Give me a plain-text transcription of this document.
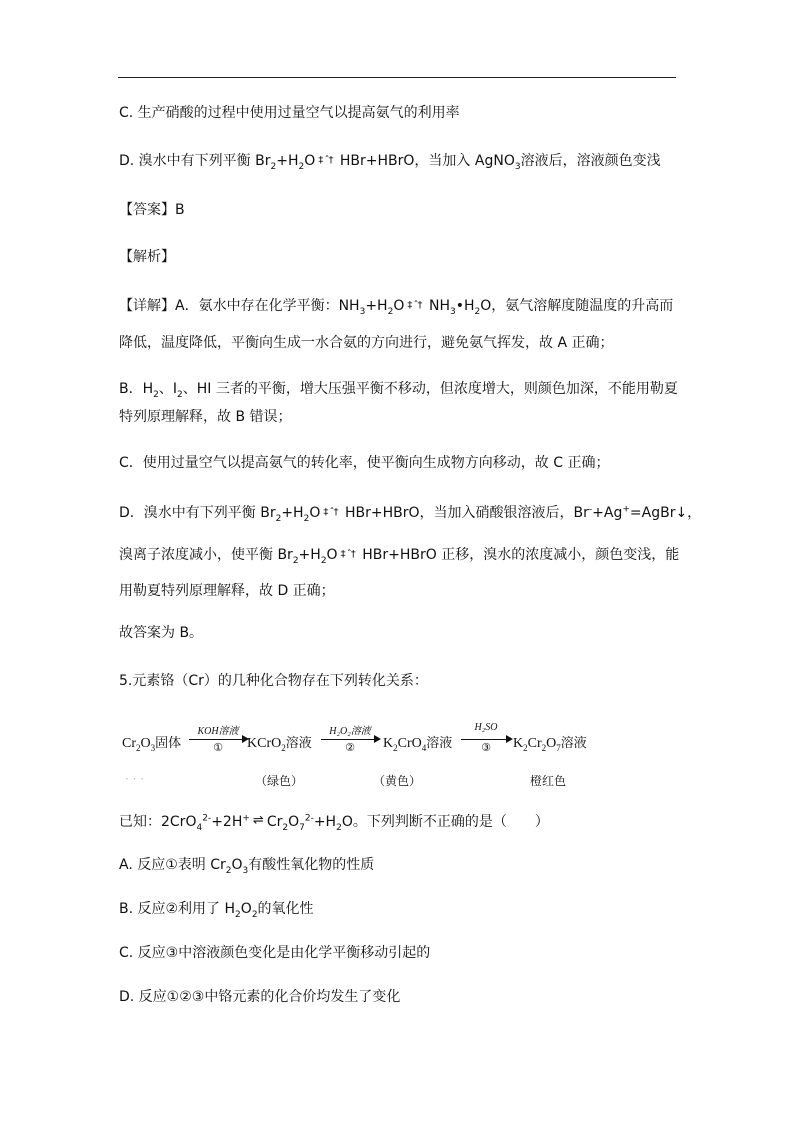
C. 生产硝酸的过程中使用过量空气以提高氨气的利用率
D. 溴水中有下列平衡 $Br_2+H_2O$ ‡ ˆ† HBr+HBrO，当加入 AgNO$_3$溶液后，溶液颜色变浅
【答案】B
【解析】
【详解】A．氨水中存在化学平衡：$NH_3+H_2O$ ‡ ˆ† $NH_3•H_2O$，氨气溶解度随温度的升高而
降低，温度降低，平衡向生成一水合氨的方向进行，避免氨气挥发，故 A 正确；
B．$H_2$、$I_2$、HI 三者的平衡，增大压强平衡不移动，但浓度增大，则颜色加深，不能用勒夏
特列原理解释，故 B 错误；
C．使用过量空气以提高氨气的转化率，使平衡向生成物方向移动，故 C 正确；
D．溴水中有下列平衡 $Br_2+H_2O$ ‡ ˆ† HBr+HBrO，当加入硝酸银溶液后，Br-+Ag+=AgBr↓，
溴离子浓度减小，使平衡 $Br_2+H_2O$ ‡ ˆ† HBr+HBrO 正移，溴水的浓度减小，颜色变浅，能
用勒夏特列原理解释，故 D 正确；
故答案为 B。
5.元素铬（Cr）的几种化合物存在下列转化关系：
$Cr_2O_3$固体
KOH溶液
①	KCrO$_2$溶液
H₂O₂溶液
②	$K_2CrO_4$溶液
H₂SO
③	$K_2Cr_2O_7$溶液
· · ·	（绿色）	（黄色）	橙红色
已知：2CrO$_4^{2-}$+2H+ ⇌ $Cr_2O_7^{2-}+H_2O$。下列判断不正确的是（　　）
A. 反应①表明 $Cr_2O_3$有酸性氧化物的性质
B. 反应②利用了 $H_2O_2$的氧化性
C. 反应③中溶液颜色变化是由化学平衡移动引起的
D. 反应①②③中铬元素的化合价均发生了变化
